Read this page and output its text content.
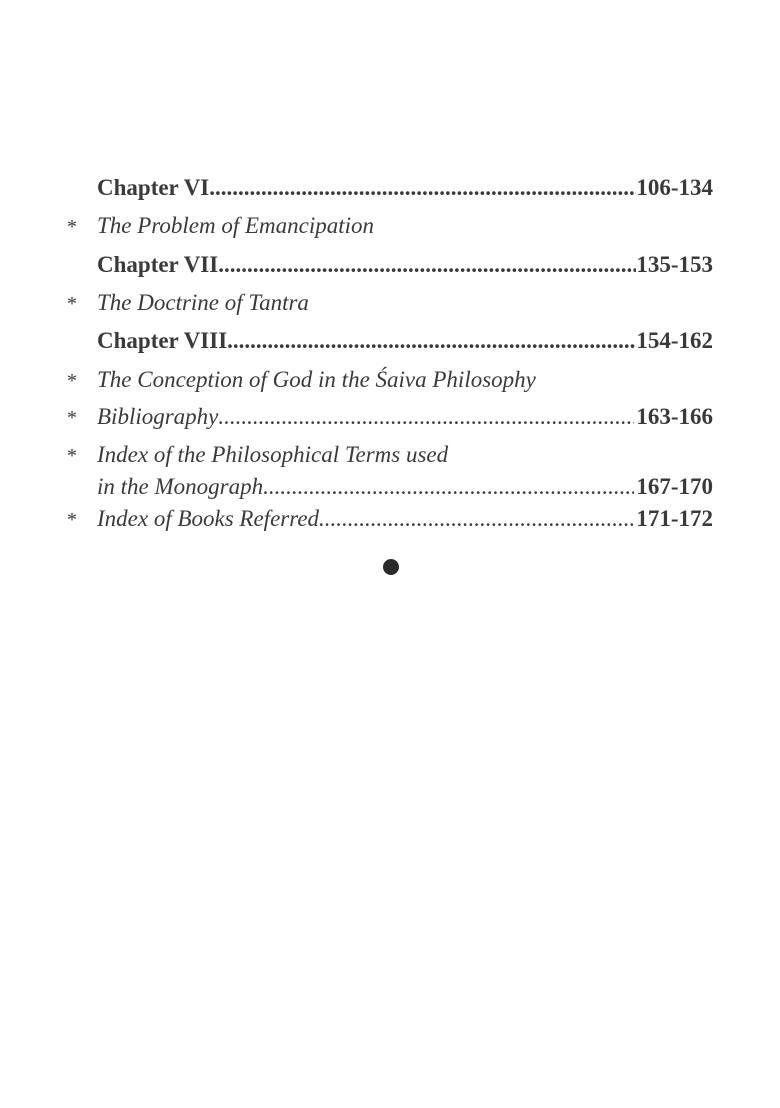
Chapter VI .....	106-134
* The Problem of Emancipation
Chapter VII .....	135-153
* The Doctrine of Tantra
Chapter VIII .....	154-162
* The Conception of God in the Śaiva Philosophy
* Bibliography .....	163-166
* Index of the Philosophical Terms used
in the Monograph .....	167-170
* Index of Books Referred .....	171-172
